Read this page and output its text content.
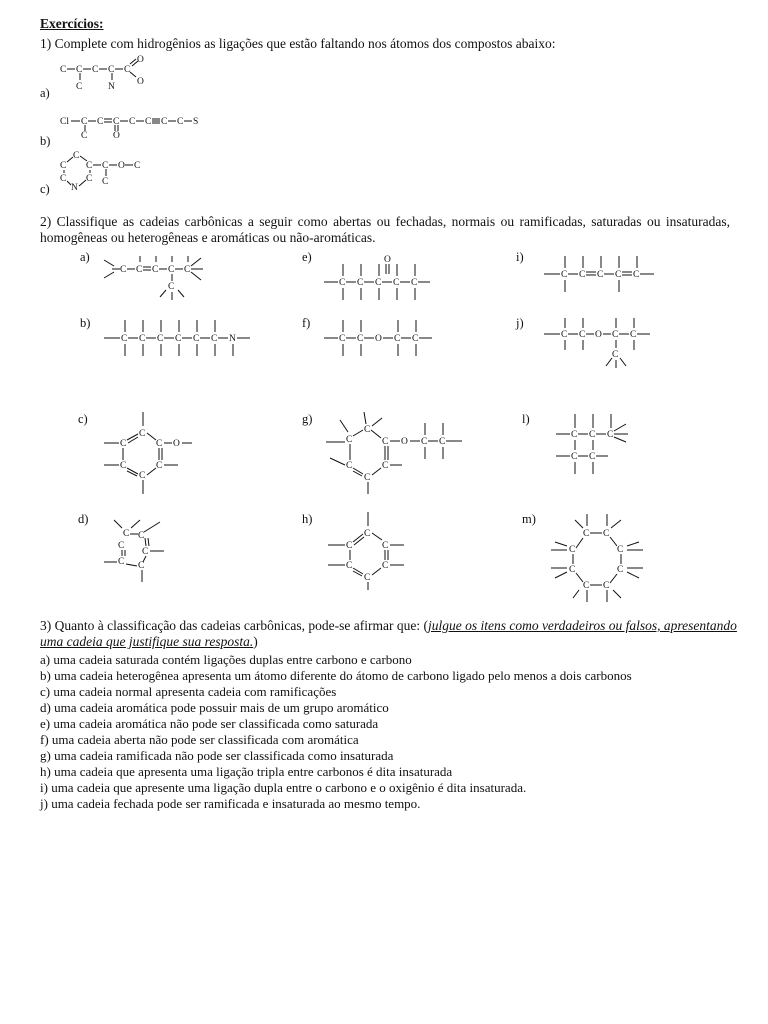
Exercícios:
1) Complete com hidrogênios as ligações que estão faltando nos átomos dos compostos abaixo:
a)
b)
c)
C C C C C
O
O
C	N
Cl C C C C C C C S
C	O
C
C
C
N
C
C C O C
C
2) Classifique as cadeias carbônicas a seguir como abertas ou fechadas, normais ou ramificadas, saturadas ou insaturadas, homogêneas ou heterogêneas e aromáticas ou não-aromáticas.
a)
b)
c)
d)
e)
f)
g)
h)
i)
j)
l)
m)
C C C C C
C
C C C C C C N
C
C	C
C	C
C
O
C
C
C
C
C
C
O
C C C C C
C C O C C
C
C
C
C	C
C
O C C
C
C	C
C	C
C
C C C C C
C C O C C
C
C C C
C C
C C
C	C
C	C
C C
3) Quanto à classificação das cadeias carbônicas, pode-se afirmar que: (julgue os itens como verdadeiros ou falsos, apresentando uma cadeia que justifique sua resposta.)
a) uma cadeia saturada contém ligações duplas entre carbono e carbono
b) uma cadeia heterogênea apresenta um átomo diferente do átomo de carbono ligado pelo menos a dois carbonos
c) uma cadeia normal apresenta cadeia com ramificações
d) uma cadeia aromática pode possuir mais de um grupo aromático
e) uma cadeia aromática não pode ser classificada como saturada
f) uma cadeia aberta não pode ser classificada com aromática
g) uma cadeia ramificada não pode ser classificada como insaturada
h) uma cadeia que apresenta uma ligação tripla entre carbonos é dita insaturada
i) uma cadeia que apresente uma ligação dupla entre o carbono e o oxigênio é dita insaturada.
j) uma cadeia fechada pode ser ramificada e insaturada ao mesmo tempo.
